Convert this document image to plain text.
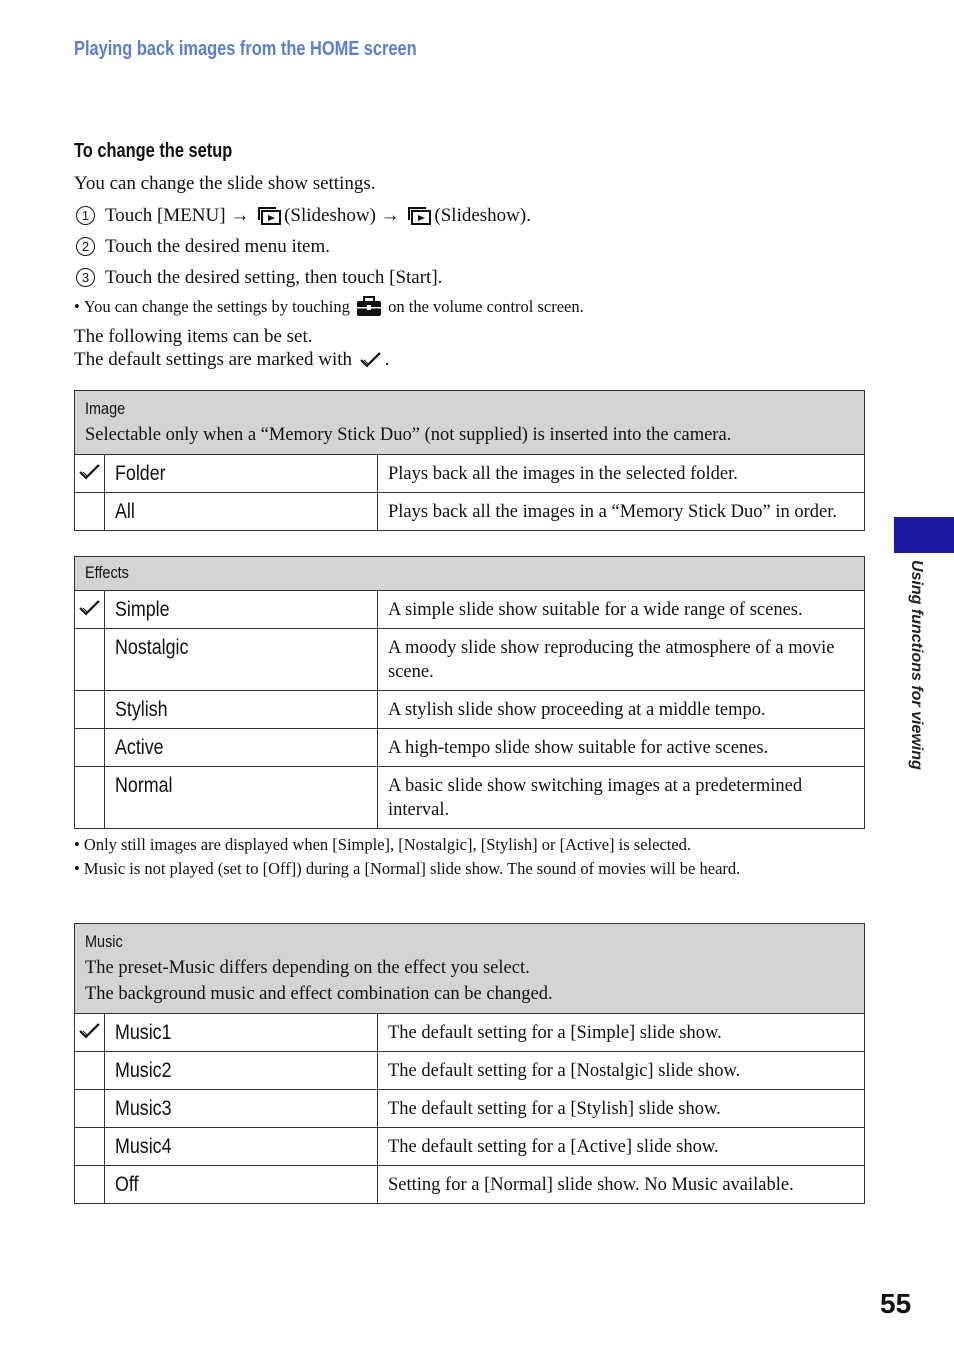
Playing back images from the HOME screen
To change the setup
You can change the slide show settings.
1 Touch [MENU] → (Slideshow) → (Slideshow).
2 Touch the desired menu item.
3 Touch the desired setting, then touch [Start].
• You can change the settings by touching on the volume control screen.
The following items can be set.
The default settings are marked with .
Image
Selectable only when a “Memory Stick Duo” (not supplied) is inserted into the camera.		

	Folder	Plays back all the images in the selected folder.
	All	Plays back all the images in a “Memory Stick Duo” in order.
Effects		

	Simple	A simple slide show suitable for a wide range of scenes.
	Nostalgic	A moody slide show reproducing the atmosphere of a movie scene.
	Stylish	A stylish slide show proceeding at a middle tempo.
	Active	A high-tempo slide show suitable for active scenes.
	Normal	A basic slide show switching images at a predetermined interval.
• Only still images are displayed when [Simple], [Nostalgic], [Stylish] or [Active] is selected.
• Music is not played (set to [Off]) during a [Normal] slide show. The sound of movies will be heard.
Music
The preset-Music differs depending on the effect you select.
The background music and effect combination can be changed.		

	Music1	The default setting for a [Simple] slide show.
	Music2	The default setting for a [Nostalgic] slide show.
	Music3	The default setting for a [Stylish] slide show.
	Music4	The default setting for a [Active] slide show.
	Off	Setting for a [Normal] slide show. No Music available.
Using functions for viewing
55
